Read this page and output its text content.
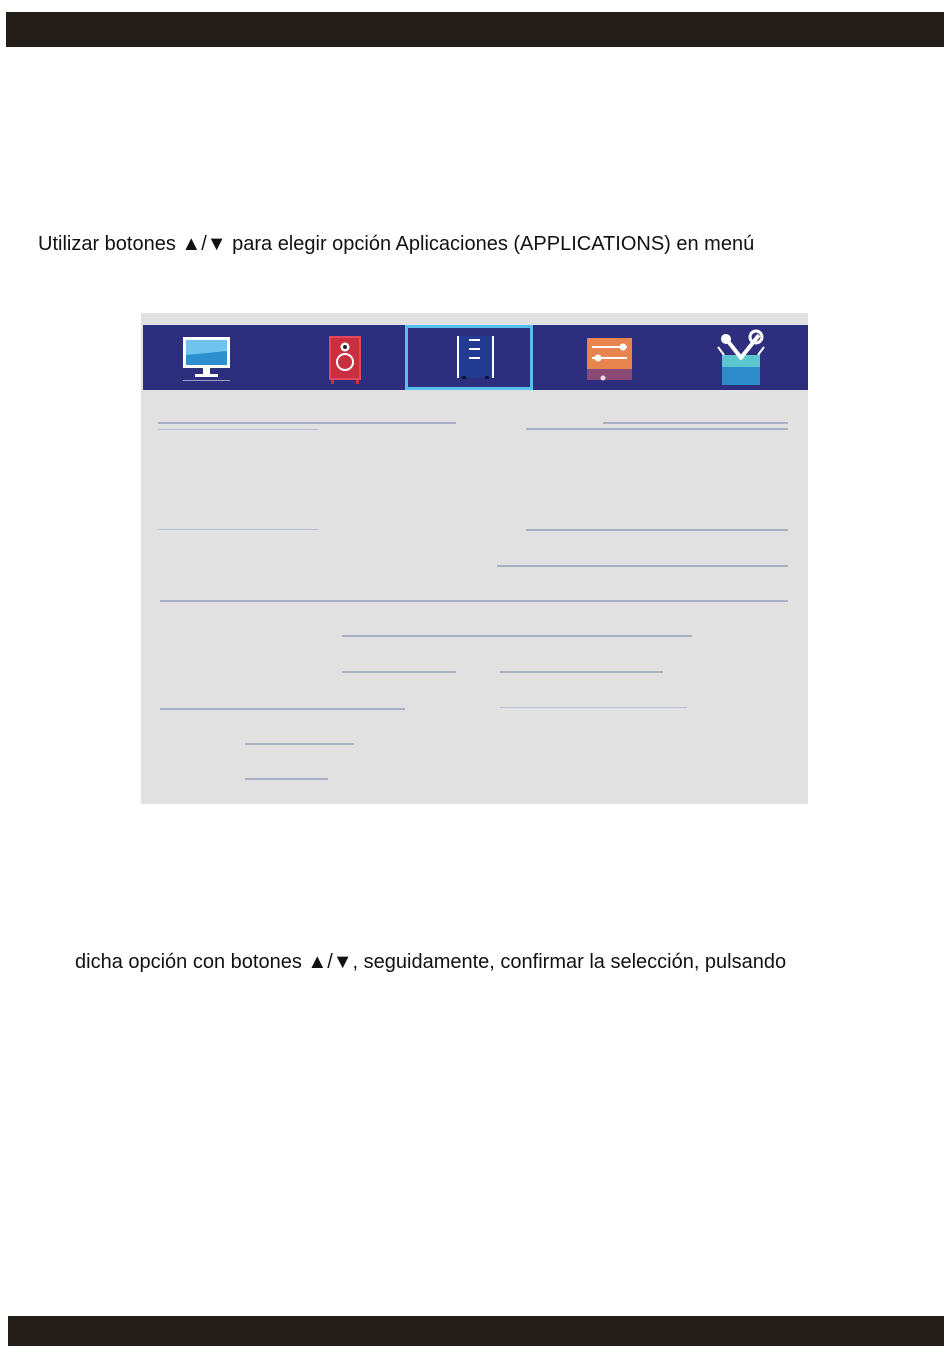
Utilizar botones ▲/▼ para elegir opción Aplicaciones (APPLICATIONS) en menú
dicha opción con botones ▲/▼, seguidamente, confirmar la selección, pulsando
